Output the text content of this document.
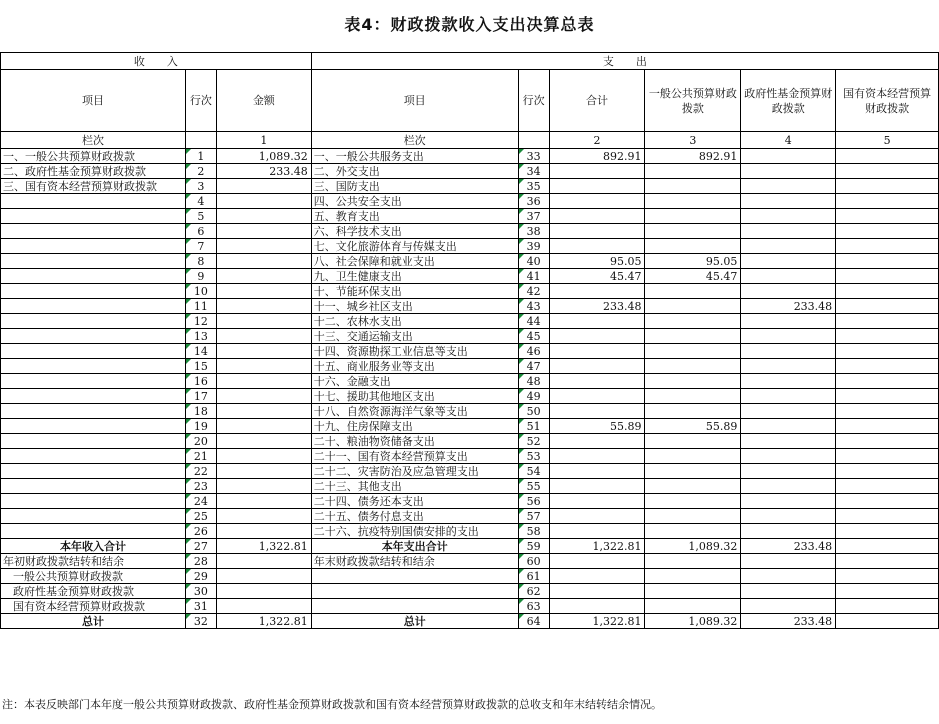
表4：财政拨款收入支出决算总表
收　　入			支　　出					
项目	行次	金额	项目	行次	合计	一般公共预算财政拨款	政府性基金预算财政拨款	国有资本经营预算财政拨款
栏次		1	栏次		2	3	4	5
一、一般公共预算财政拨款	1	1,089.32	一、一般公共服务支出	33	892.91	892.91		
二、政府性基金预算财政拨款	2	233.48	二、外交支出	34				
三、国有资本经营预算财政拨款	3		三、国防支出	35				
	4		四、公共安全支出	36				
	5		五、教育支出	37				
	6		六、科学技术支出	38				
	7		七、文化旅游体育与传媒支出	39				
	8		八、社会保障和就业支出	40	95.05	95.05		
	9		九、卫生健康支出	41	45.47	45.47		
	10		十、节能环保支出	42				
	11		十一、城乡社区支出	43	233.48		233.48	
	12		十二、农林水支出	44				
	13		十三、交通运输支出	45				
	14		十四、资源勘探工业信息等支出	46				
	15		十五、商业服务业等支出	47				
	16		十六、金融支出	48				
	17		十七、援助其他地区支出	49				
	18		十八、自然资源海洋气象等支出	50				
	19		十九、住房保障支出	51	55.89	55.89		
	20		二十、粮油物资储备支出	52				
	21		二十一、国有资本经营预算支出	53				
	22		二十二、灾害防治及应急管理支出	54				
	23		二十三、其他支出	55				
	24		二十四、债务还本支出	56				
	25		二十五、债务付息支出	57				
	26		二十六、抗疫特别国债安排的支出	58				
本年收入合计	27	1,322.81	本年支出合计	59	1,322.81	1,089.32	233.48	
年初财政拨款结转和结余	28		年末财政拨款结转和结余	60				
一般公共预算财政拨款	29			61				
政府性基金预算财政拨款	30			62				
国有资本经营预算财政拨款	31			63				
总计	32	1,322.81	总计	64	1,322.81	1,089.32	233.48	
注：本表反映部门本年度一般公共预算财政拨款、政府性基金预算财政拨款和国有资本经营预算财政拨款的总收支和年末结转结余情况。
